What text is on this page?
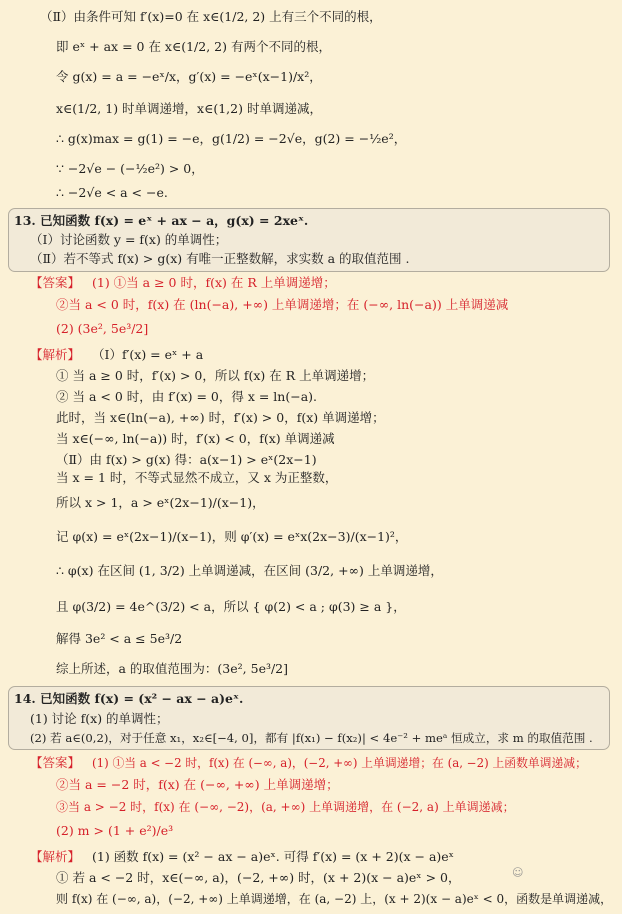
（Ⅱ）由条件可知 f′(x)=0 在 x∈(1/2, 2) 上有三个不同的根，
即 eˣ + ax = 0 在 x∈(1/2, 2) 有两个不同的根，
令 g(x) = a = −eˣ/x，g′(x) = −eˣ(x−1)/x²，
x∈(1/2, 1) 时单调递增，x∈(1,2) 时单调递减，
∴ g(x)max = g(1) = −e，g(1/2) = −2√e，g(2) = −½e²，
∵ −2√e − (−½e²) > 0，
∴ −2√e < a < −e.
13. 已知函数 f(x) = eˣ + ax − a，g(x) = 2xeˣ.
（Ⅰ）讨论函数 y = f(x) 的单调性；
（Ⅱ）若不等式 f(x) > g(x) 有唯一正整数解，求实数 a 的取值范围 .
【答案】 (1) ①当 a ≥ 0 时，f(x) 在 R 上单调递增；
②当 a < 0 时，f(x) 在 (ln(−a), +∞) 上单调递增；在 (−∞, ln(−a)) 上单调递减
(2) (3e², 5e³/2]
【解析】 （Ⅰ）f′(x) = eˣ + a
① 当 a ≥ 0 时，f′(x) > 0，所以 f(x) 在 R 上单调递增；
② 当 a < 0 时，由 f′(x) = 0，得 x = ln(−a).
此时，当 x∈(ln(−a), +∞) 时，f′(x) > 0，f(x) 单调递增；
当 x∈(−∞, ln(−a)) 时，f′(x) < 0，f(x) 单调递减
（Ⅱ）由 f(x) > g(x) 得：a(x−1) > eˣ(2x−1)
当 x = 1 时，不等式显然不成立，又 x 为正整数，
所以 x > 1，a > eˣ(2x−1)/(x−1)，
记 φ(x) = eˣ(2x−1)/(x−1)，则 φ′(x) = eˣx(2x−3)/(x−1)²，
∴ φ(x) 在区间 (1, 3/2) 上单调递减，在区间 (3/2, +∞) 上单调递增，
且 φ(3/2) = 4e^(3/2) < a，所以 { φ(2) < a ; φ(3) ≥ a }，
解得 3e² < a ≤ 5e³/2
综上所述，a 的取值范围为：(3e², 5e³/2]
14. 已知函数 f(x) = (x² − ax − a)eˣ.
(1) 讨论 f(x) 的单调性；
(2) 若 a∈(0,2)，对于任意 x₁，x₂∈[−4, 0]，都有 |f(x₁) − f(x₂)| < 4e⁻² + meᵃ 恒成立，求 m 的取值范围 .
【答案】 (1) ①当 a < −2 时，f(x) 在 (−∞, a)，(−2, +∞) 上单调递增；在 (a, −2) 上函数单调递减；
②当 a = −2 时，f(x) 在 (−∞, +∞) 上单调递增；
③当 a > −2 时，f(x) 在 (−∞, −2)，(a, +∞) 上单调递增，在 (−2, a) 上单调递减；
(2) m > (1 + e²)/e³
【解析】 (1) 函数 f(x) = (x² − ax − a)eˣ. 可得 f′(x) = (x + 2)(x − a)eˣ
① 若 a < −2 时，x∈(−∞, a)，(−2, +∞) 时，(x + 2)(x − a)eˣ > 0，
则 f(x) 在 (−∞, a)，(−2, +∞) 上单调递增，在 (a, −2) 上，(x + 2)(x − a)eˣ < 0，函数是单调递减，
☺
